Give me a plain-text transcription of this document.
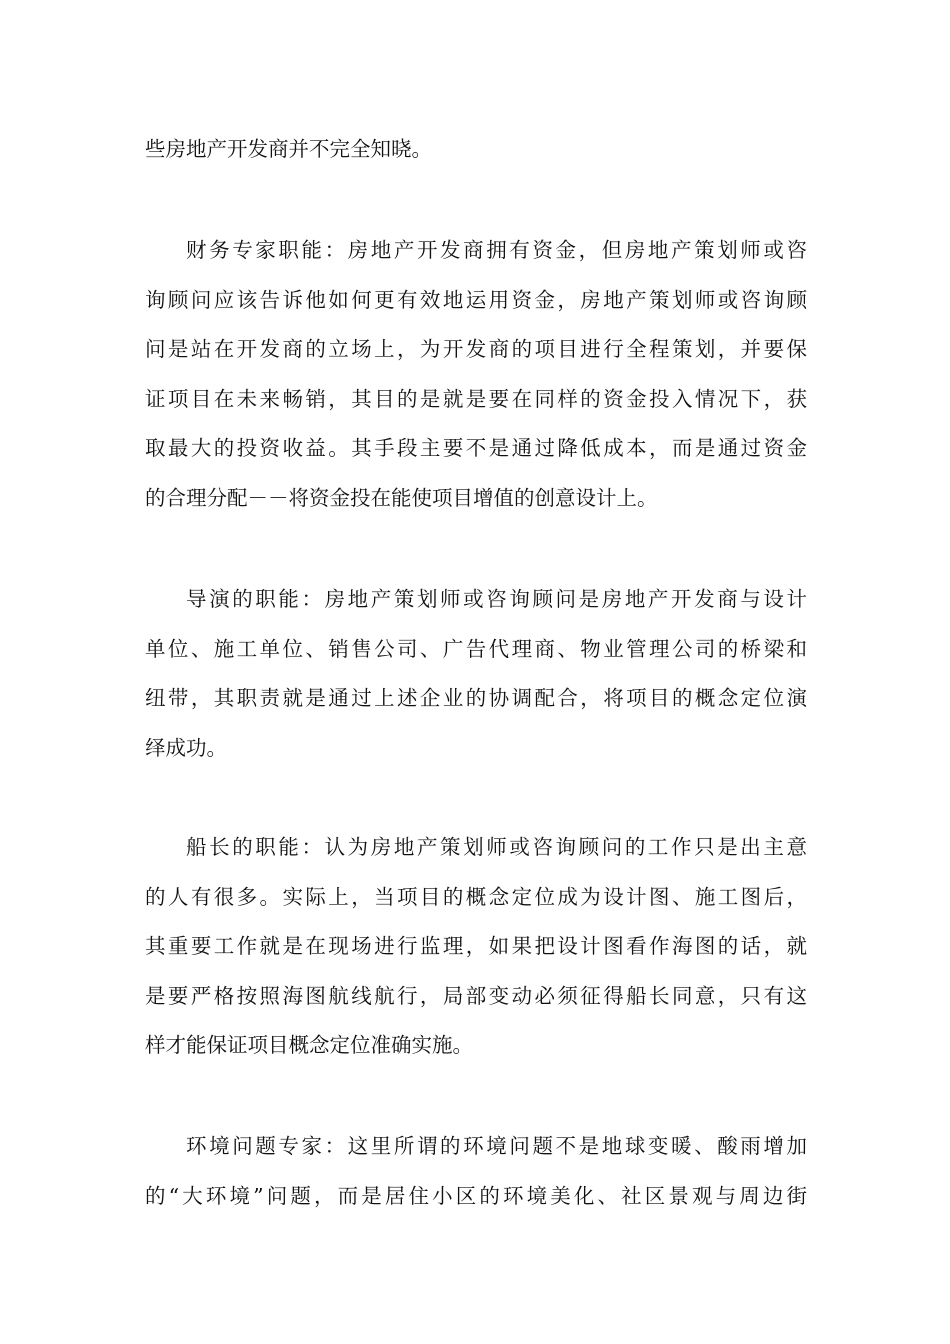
些房地产开发商并不完全知晓。
财务专家职能：房地产开发商拥有资金，但房地产策划师或咨
询顾问应该告诉他如何更有效地运用资金，房地产策划师或咨询顾
问是站在开发商的立场上，为开发商的项目进行全程策划，并要保
证项目在未来畅销，其目的是就是要在同样的资金投入情况下，获
取最大的投资收益。其手段主要不是通过降低成本，而是通过资金
的合理分配－－将资金投在能使项目增值的创意设计上。
导演的职能：房地产策划师或咨询顾问是房地产开发商与设计
单位、施工单位、销售公司、广告代理商、物业管理公司的桥梁和
纽带，其职责就是通过上述企业的协调配合，将项目的概念定位演
绎成功。
船长的职能：认为房地产策划师或咨询顾问的工作只是出主意
的人有很多。实际上，当项目的概念定位成为设计图、施工图后，
其重要工作就是在现场进行监理，如果把设计图看作海图的话，就
是要严格按照海图航线航行，局部变动必须征得船长同意，只有这
样才能保证项目概念定位准确实施。
环境问题专家：这里所谓的环境问题不是地球变暖、酸雨增加
的“大环境”问题，而是居住小区的环境美化、社区景观与周边街
